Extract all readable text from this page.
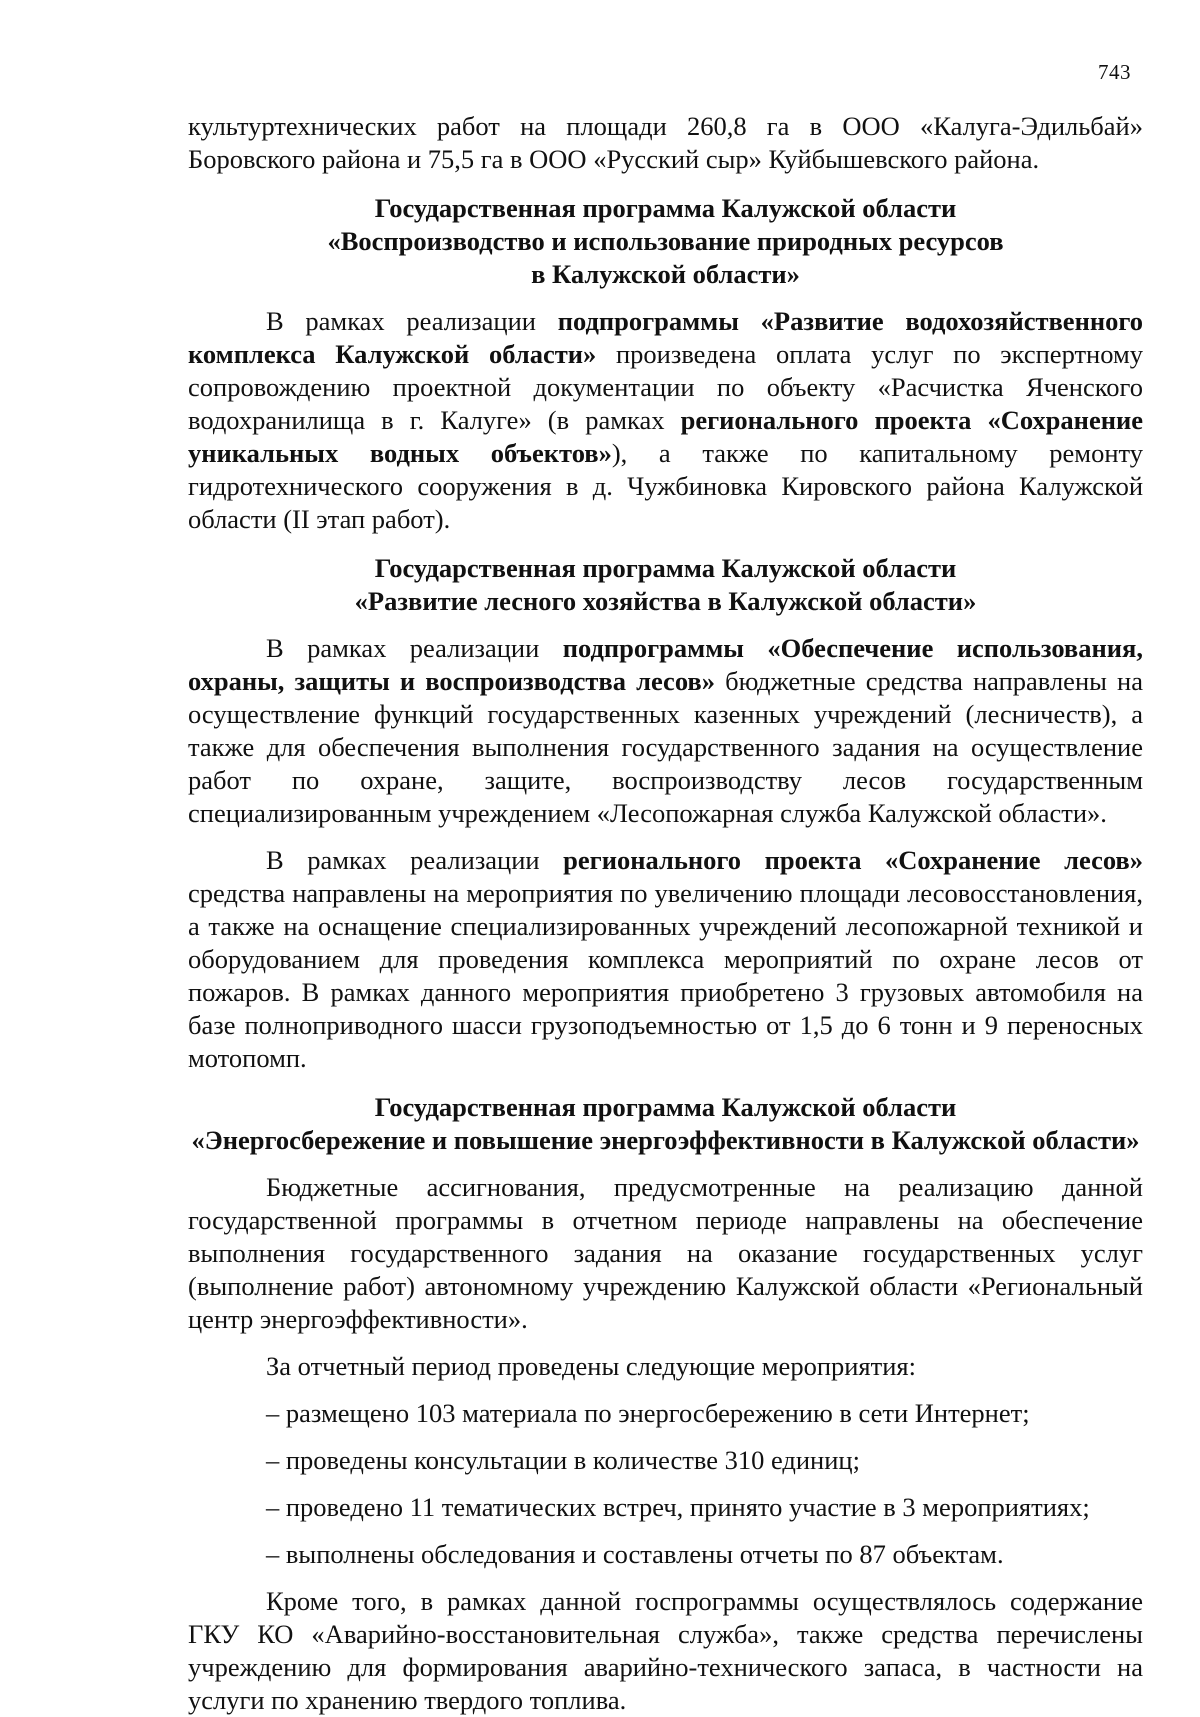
743

культуртехнических работ на площади 260,8 га в ООО «Калуга-Эдильбай» Боровского района и 75,5 га в ООО «Русский сыр» Куйбышевского района.

Государственная программа Калужской области
«Воспроизводство и использование природных ресурсов
в Калужской области»

В рамках реализации подпрограммы «Развитие водохозяйственного комплекса Калужской области» произведена оплата услуг по экспертному сопровождению проектной документации по объекту «Расчистка Яченского водохранилища в г. Калуге» (в рамках регионального проекта «Сохранение уникальных водных объектов»), а также по капитальному ремонту гидротехнического сооружения в д. Чужбиновка Кировского района Калужской области (II этап работ).

Государственная программа Калужской области
«Развитие лесного хозяйства в Калужской области»

В рамках реализации подпрограммы «Обеспечение использования, охраны, защиты и воспроизводства лесов» бюджетные средства направлены на осуществление функций государственных казенных учреждений (лесничеств), а также для обеспечения выполнения государственного задания на осуществление работ по охране, защите, воспроизводству лесов государственным специализированным учреждением «Лесопожарная служба Калужской области».

В рамках реализации регионального проекта «Сохранение лесов» средства направлены на мероприятия по увеличению площади лесовосстановления, а также на оснащение специализированных учреждений лесопожарной техникой и оборудованием для проведения комплекса мероприятий по охране лесов от пожаров. В рамках данного мероприятия приобретено 3 грузовых автомобиля на базе полноприводного шасси грузоподъемностью от 1,5 до 6 тонн и 9 переносных мотопомп.

Государственная программа Калужской области
«Энергосбережение и повышение энергоэффективности в Калужской области»

Бюджетные ассигнования, предусмотренные на реализацию данной государственной программы в отчетном периоде направлены на обеспечение выполнения государственного задания на оказание государственных услуг (выполнение работ) автономному учреждению Калужской области «Региональный центр энергоэффективности».

За отчетный период проведены следующие мероприятия:

– размещено 103 материала по энергосбережению в сети Интернет;

– проведены консультации в количестве 310 единиц;

– проведено 11 тематических встреч, принято участие в 3 мероприятиях;

– выполнены обследования и составлены отчеты по 87 объектам.

Кроме того, в рамках данной госпрограммы осуществлялось содержание ГКУ КО «Аварийно-восстановительная служба», также средства перечислены учреждению для формирования аварийно-технического запаса, в частности на услуги по хранению твердого топлива.
